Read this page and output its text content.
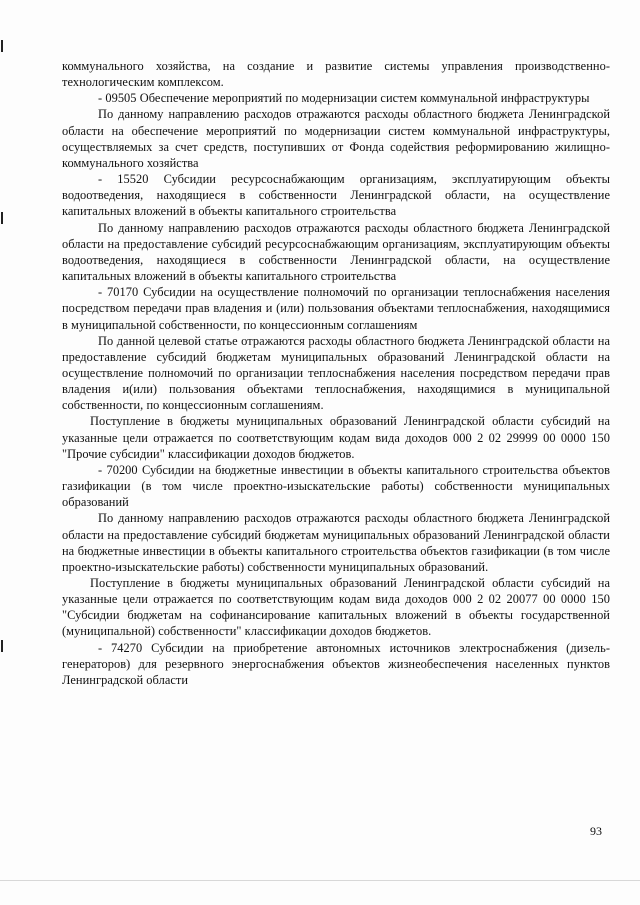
коммунального хозяйства, на создание и развитие системы управления производственно-технологическим комплексом.

- 09505 Обеспечение мероприятий по модернизации систем коммунальной инфраструктуры

По данному направлению расходов отражаются расходы областного бюджета Ленинградской области на обеспечение мероприятий по модернизации систем коммунальной инфраструктуры, осуществляемых за счет средств, поступивших от Фонда содействия реформированию жилищно-коммунального хозяйства

- 15520 Субсидии ресурсоснабжающим организациям, эксплуатирующим объекты водоотведения, находящиеся в собственности Ленинградской области, на осуществление капитальных вложений в объекты капитального строительства

По данному направлению расходов отражаются расходы областного бюджета Ленинградской области на предоставление субсидий ресурсоснабжающим организациям, эксплуатирующим объекты водоотведения, находящиеся в собственности Ленинградской области, на осуществление капитальных вложений в объекты капитального строительства

- 70170 Субсидии на осуществление полномочий по организации теплоснабжения населения посредством передачи прав владения и (или) пользования объектами теплоснабжения, находящимися в муниципальной собственности, по концессионным соглашениям

По данной целевой статье отражаются расходы областного бюджета Ленинградской области на предоставление субсидий бюджетам муниципальных образований Ленинградской области на осуществление полномочий по организации теплоснабжения населения посредством передачи прав владения и(или) пользования объектами теплоснабжения, находящимися в муниципальной собственности, по концессионным соглашениям.

Поступление в бюджеты муниципальных образований Ленинградской области субсидий на указанные цели отражается по соответствующим кодам вида доходов 000 2 02 29999 00 0000 150 "Прочие субсидии" классификации доходов бюджетов.

- 70200 Субсидии на бюджетные инвестиции в объекты капитального строительства объектов газификации (в том числе проектно-изыскательские работы) собственности муниципальных образований

По данному направлению расходов отражаются расходы областного бюджета Ленинградской области на предоставление субсидий бюджетам муниципальных образований Ленинградской области на бюджетные инвестиции в объекты капитального строительства объектов газификации (в том числе проектно-изыскательские работы) собственности муниципальных образований.

Поступление в бюджеты муниципальных образований Ленинградской области субсидий на указанные цели отражается по соответствующим кодам вида доходов 000 2 02 20077 00 0000 150 "Субсидии бюджетам на софинансирование капитальных вложений в объекты государственной (муниципальной) собственности" классификации доходов бюджетов.

- 74270 Субсидии на приобретение автономных источников электроснабжения (дизель-генераторов) для резервного энергоснабжения объектов жизнеобеспечения населенных пунктов Ленинградской области

93
